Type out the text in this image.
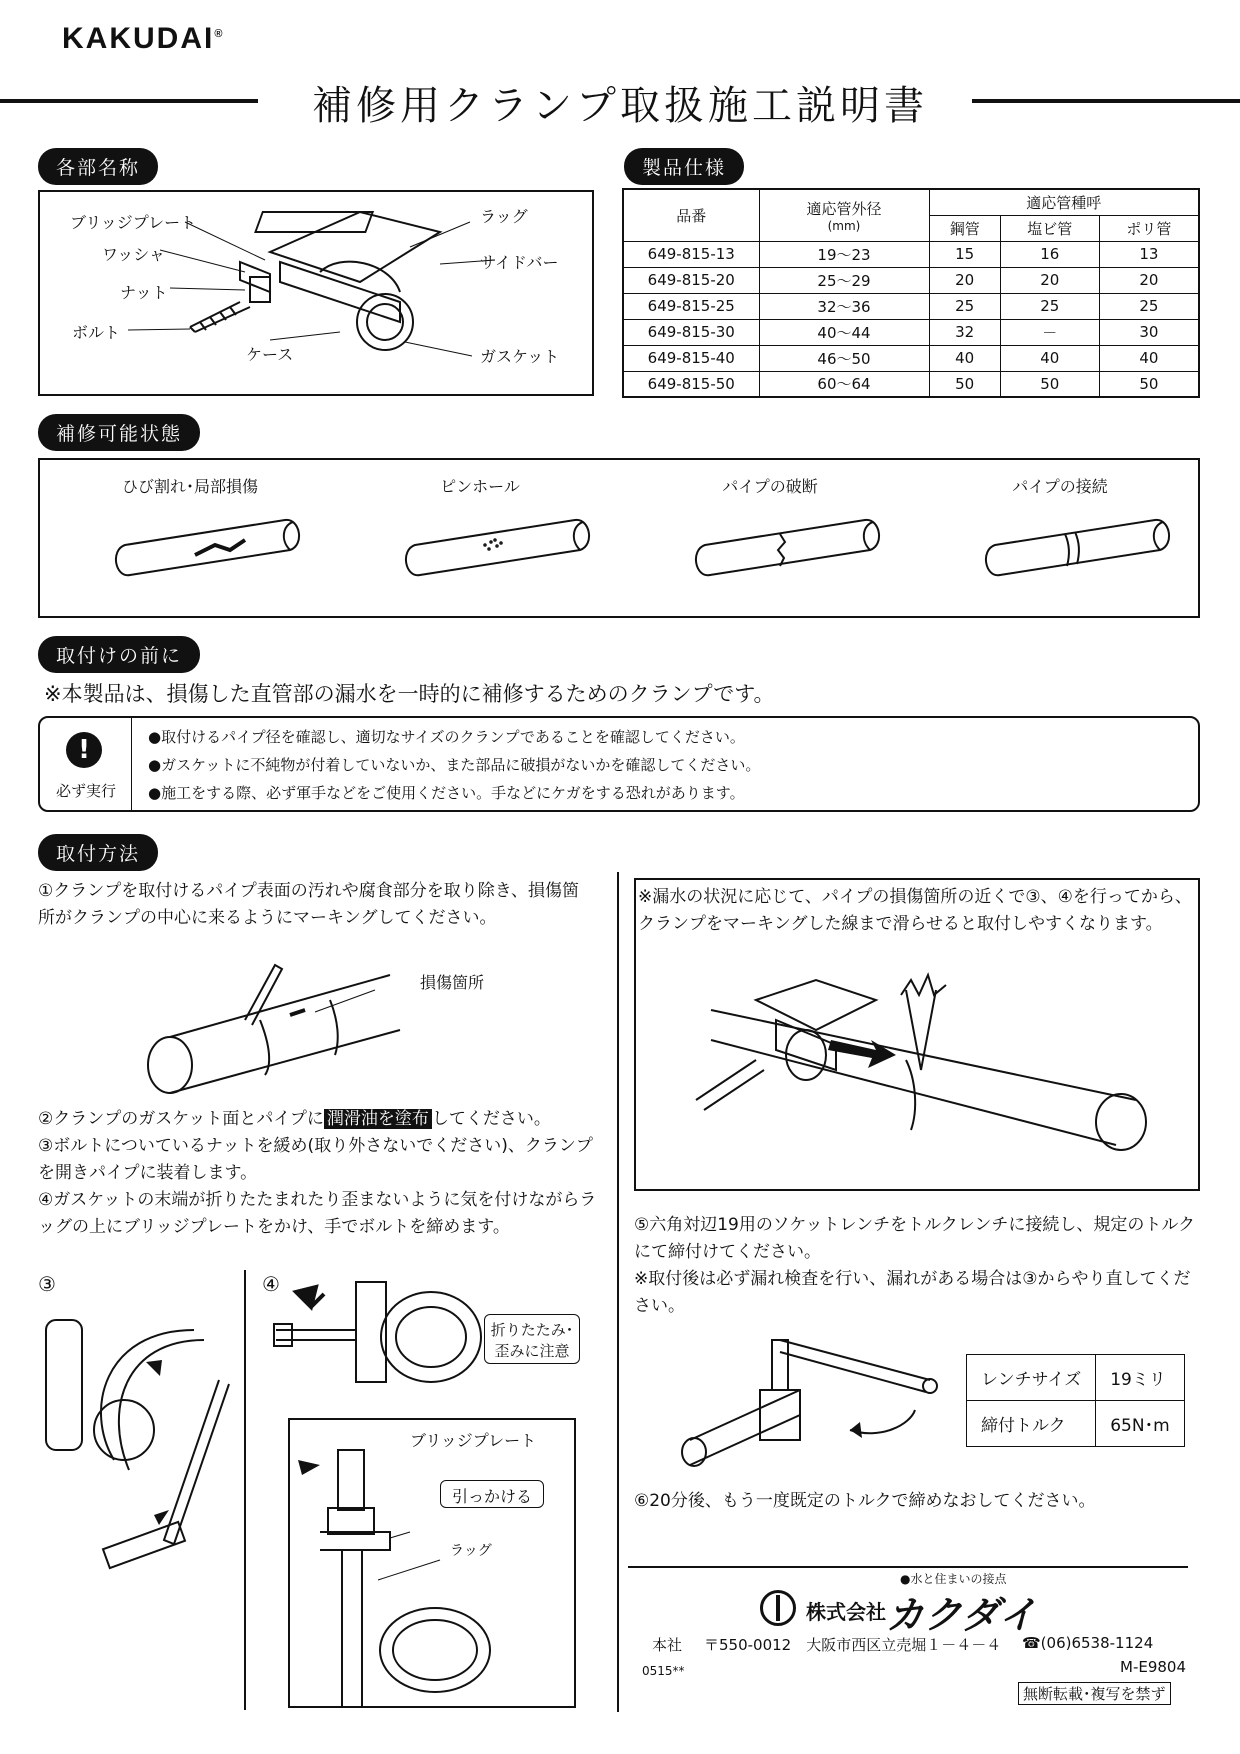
KAKUDAI®
補修用クランプ取扱施工説明書
各部名称
ブリッジプレート
ワッシャ
ナット
ボルト
ケース
ラッグ
サイドバー
ガスケット
製品仕様
品番	適応管外径
(mm)	適応管種呼		
		鋼管	塩ビ管	ポリ管
649-815-13	19～23	15	16	13
649-815-20	25～29	20	20	20
649-815-25	32～36	25	25	25
649-815-30	40～44	32	－	30
649-815-40	46～50	40	40	40
649-815-50	60～64	50	50	50
補修可能状態
ひび割れ･局部損傷	ピンホール	パイプの破断	パイプの接続
取付けの前に
※本製品は、損傷した直管部の漏水を一時的に補修するためのクランプです。
!
必ず実行
●取付けるパイプ径を確認し、適切なサイズのクランプであることを確認してください。
●ガスケットに不純物が付着していないか、また部品に破損がないかを確認してください。
●施工をする際、必ず軍手などをご使用ください。手などにケガをする恐れがあります。
取付方法
①クランプを取付けるパイプ表面の汚れや腐食部分を取り除き、損傷箇所がクランプの中心に来るようにマーキングしてください。
損傷箇所
②クランプのガスケット面とパイプに 潤滑油を塗布 してください。
③ボルトについているナットを緩め(取り外さないでください)、クランプを開きパイプに装着します。
④ガスケットの末端が折りたたまれたり歪まないように気を付けながらラッグの上にブリッジプレートをかけ、手でボルトを締めます。
③	④
折りたたみ･歪みに注意
ブリッジプレート
引っかける
ラッグ
※漏水の状況に応じて、パイプの損傷箇所の近くで③、④を行ってから、クランプをマーキングした線まで滑らせると取付しやすくなります。
⑤六角対辺19用のソケットレンチをトルクレンチに接続し、規定のトルクにて締付けてください。
※取付後は必ず漏れ検査を行い、漏れがある場合は③からやり直してください。
レンチサイズ	19ミリ
締付トルク	65N･m
⑥20分後、もう一度既定のトルクで締めなおしてください。
●水と住まいの接点
株式会社 カクダイ
本社 〒550-0012　大阪市西区立売堀１－４－４ ☎(06)6538-1124
0515**	M-E9804
無断転載･複写を禁ず
